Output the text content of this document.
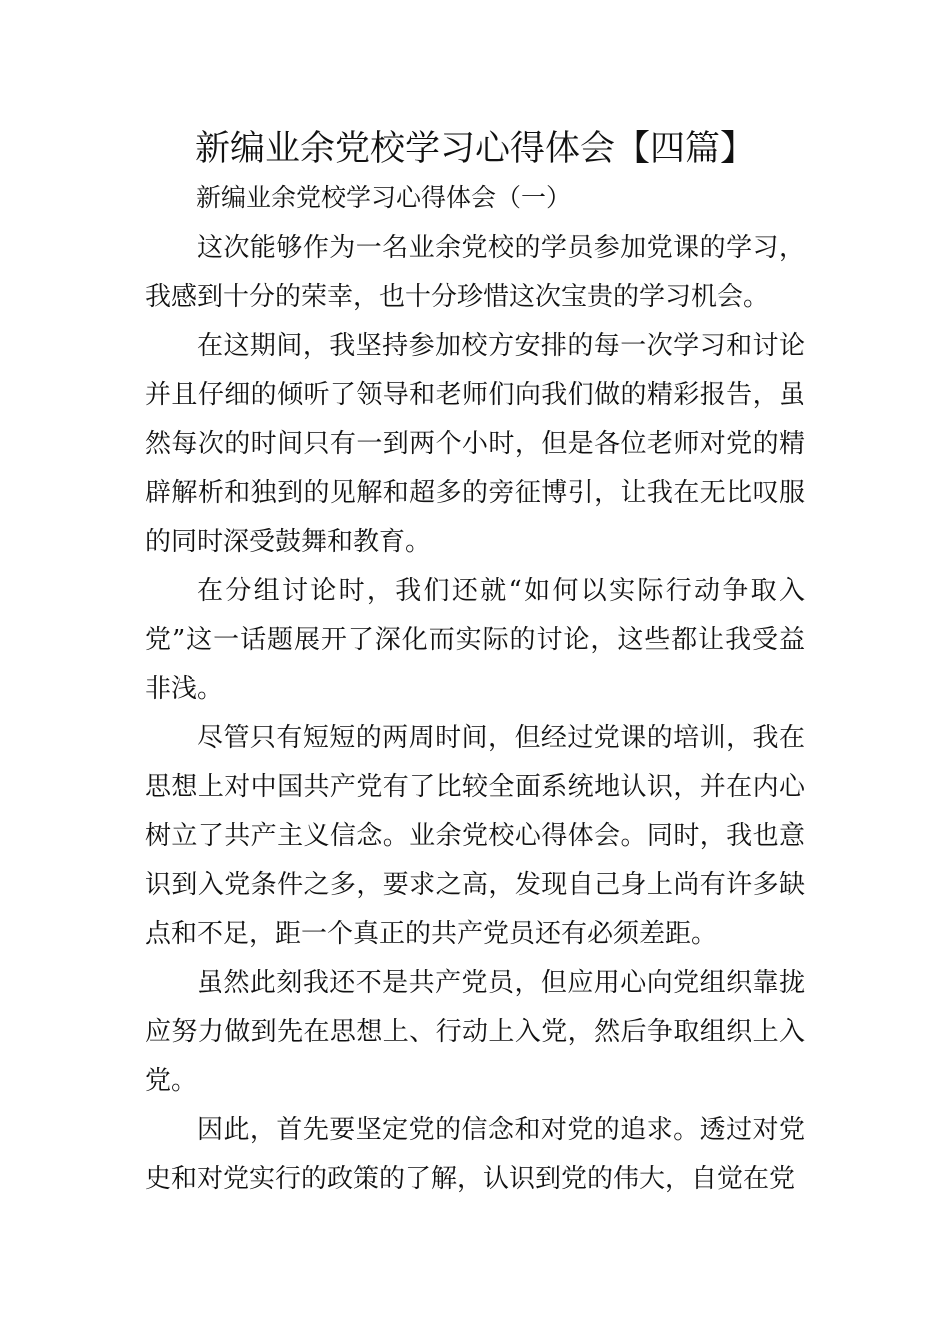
新编业余党校学习心得体会【四篇】

新编业余党校学习心得体会（一）

这次能够作为一名业余党校的学员参加党课的学习，我感到十分的荣幸，也十分珍惜这次宝贵的学习机会。

在这期间，我坚持参加校方安排的每一次学习和讨论并且仔细的倾听了领导和老师们向我们做的精彩报告，虽然每次的时间只有一到两个小时，但是各位老师对党的精辟解析和独到的见解和超多的旁征博引，让我在无比叹服的同时深受鼓舞和教育。

在分组讨论时，我们还就“如何以实际行动争取入党”这一话题展开了深化而实际的讨论，这些都让我受益非浅。

尽管只有短短的两周时间，但经过党课的培训，我在思想上对中国共产党有了比较全面系统地认识，并在内心树立了共产主义信念。业余党校心得体会。同时，我也意识到入党条件之多，要求之高，发现自己身上尚有许多缺点和不足，距一个真正的共产党员还有必须差距。

虽然此刻我还不是共产党员，但应用心向党组织靠拢应努力做到先在思想上、行动上入党，然后争取组织上入党。

因此，首先要坚定党的信念和对党的追求。透过对党史和对党实行的政策的了解，认识到党的伟大，自觉在党
